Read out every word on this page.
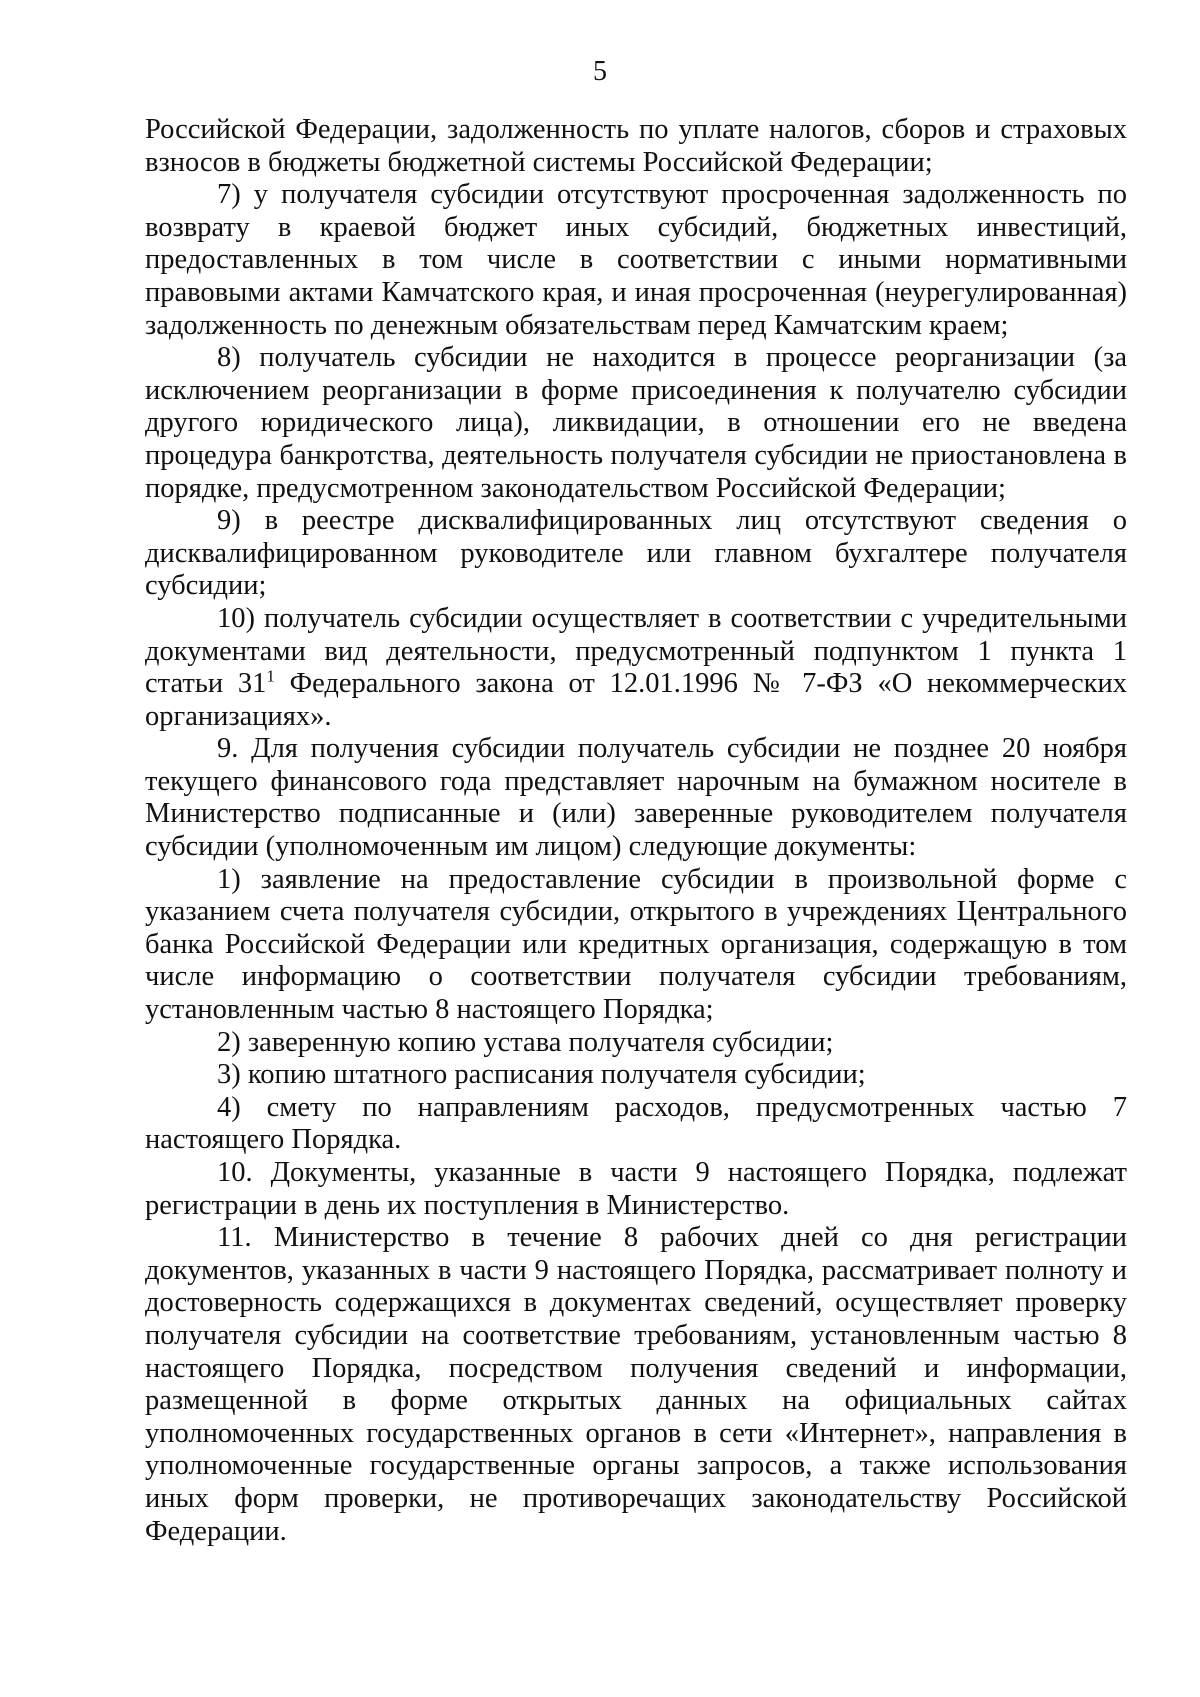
5

Российской Федерации, задолженность по уплате налогов, сборов и страховых взносов в бюджеты бюджетной системы Российской Федерации;

7) у получателя субсидии отсутствуют просроченная задолженность по возврату в краевой бюджет иных субсидий, бюджетных инвестиций, предоставленных в том числе в соответствии с иными нормативными правовыми актами Камчатского края, и иная просроченная (неурегулированная) задолженность по денежным обязательствам перед Камчатским краем;

8) получатель субсидии не находится в процессе реорганизации (за исключением реорганизации в форме присоединения к получателю субсидии другого юридического лица), ликвидации, в отношении его не введена процедура банкротства, деятельность получателя субсидии не приостановлена в порядке, предусмотренном законодательством Российской Федерации;

9) в реестре дисквалифицированных лиц отсутствуют сведения о дисквалифицированном руководителе или главном бухгалтере получателя субсидии;

10) получатель субсидии осуществляет в соответствии с учредительными документами вид деятельности, предусмотренный подпунктом 1 пункта 1 статьи $31^1$ Федерального закона от 12.01.1996 № 7-ФЗ «О некоммерческих организациях».

9. Для получения субсидии получатель субсидии не позднее 20 ноября текущего финансового года представляет нарочным на бумажном носителе в Министерство подписанные и (или) заверенные руководителем получателя субсидии (уполномоченным им лицом) следующие документы:

1) заявление на предоставление субсидии в произвольной форме с указанием счета получателя субсидии, открытого в учреждениях Центрального банка Российской Федерации или кредитных организация, содержащую в том числе информацию о соответствии получателя субсидии требованиям, установленным частью 8 настоящего Порядка;

2) заверенную копию устава получателя субсидии;

3) копию штатного расписания получателя субсидии;

4) смету по направлениям расходов, предусмотренных частью 7 настоящего Порядка.

10. Документы, указанные в части 9 настоящего Порядка, подлежат регистрации в день их поступления в Министерство.

11. Министерство в течение 8 рабочих дней со дня регистрации документов, указанных в части 9 настоящего Порядка, рассматривает полноту и достоверность содержащихся в документах сведений, осуществляет проверку получателя субсидии на соответствие требованиям, установленным частью 8 настоящего Порядка, посредством получения сведений и информации, размещенной в форме открытых данных на официальных сайтах уполномоченных государственных органов в сети «Интернет», направления в уполномоченные государственные органы запросов, а также использования иных форм проверки, не противоречащих законодательству Российской Федерации.
